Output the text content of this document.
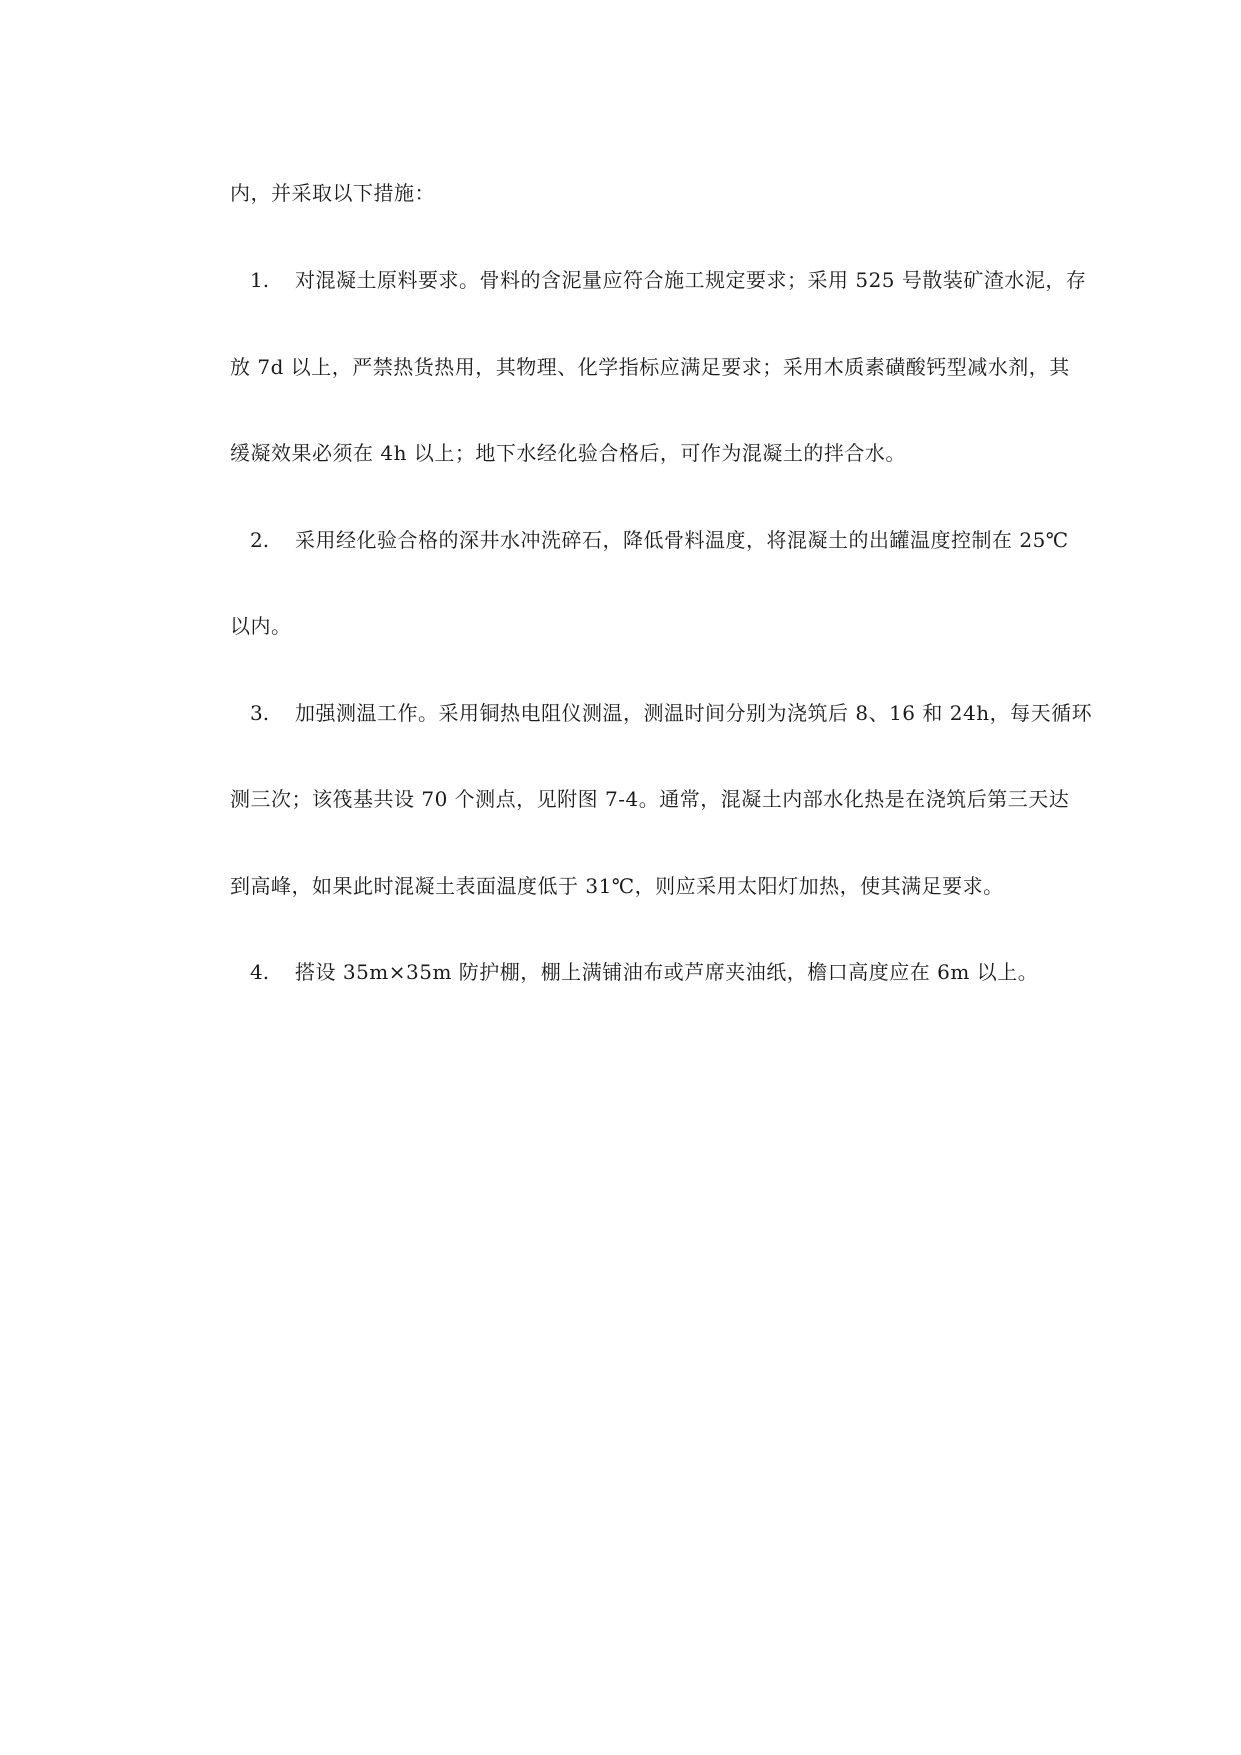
内，并采取以下措施：
1. 对混凝土原料要求。骨料的含泥量应符合施工规定要求；采用 525 号散装矿渣水泥，存
放 7d 以上，严禁热货热用，其物理、化学指标应满足要求；采用木质素磺酸钙型减水剂，其
缓凝效果必须在 4h 以上；地下水经化验合格后，可作为混凝土的拌合水。
2. 采用经化验合格的深井水冲洗碎石，降低骨料温度，将混凝土的出罐温度控制在 25℃
以内。
3. 加强测温工作。采用铜热电阻仪测温，测温时间分别为浇筑后 8、16 和 24h，每天循环
测三次；该筏基共设 70 个测点，见附图 7-4。通常，混凝土内部水化热是在浇筑后第三天达
到高峰，如果此时混凝土表面温度低于 31℃，则应采用太阳灯加热，使其满足要求。
4. 搭设 35m×35m 防护棚，棚上满铺油布或芦席夹油纸，檐口高度应在 6m 以上。
